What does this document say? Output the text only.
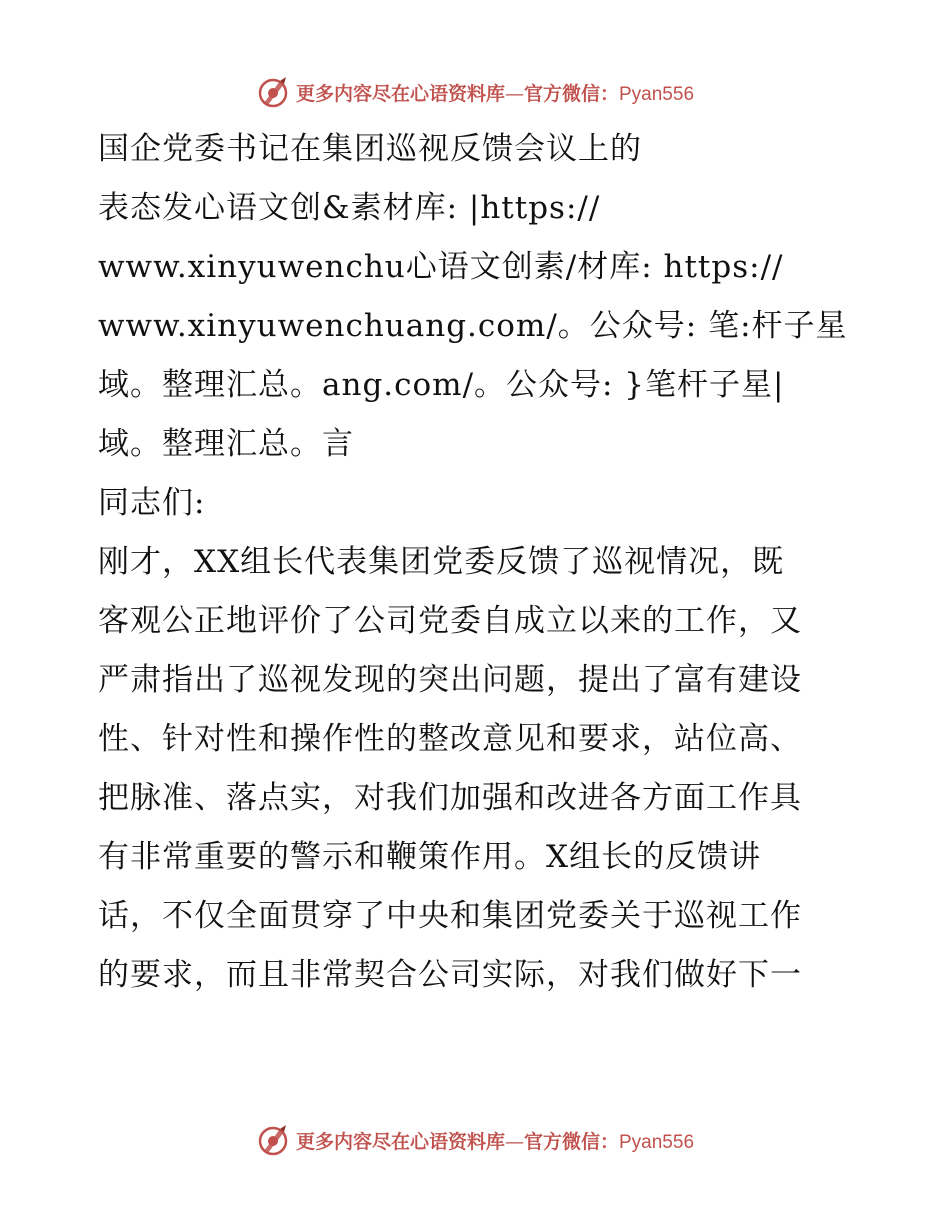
更多内容尽在心语资料库—官方微信：Pyan556
国企党委书记在集团巡视反馈会议上的
表态发心语文创&素材库: |https://
www.xinyuwenchu心语文创素/材库: https://
www.xinyuwenchuang.com/。公众号: 笔:杆子星
域。整理汇总。ang.com/。公众号: }笔杆子星|
域。整理汇总。言
同志们:
刚才，XX组长代表集团党委反馈了巡视情况，既
客观公正地评价了公司党委自成立以来的工作，又
严肃指出了巡视发现的突出问题，提出了富有建设
性、针对性和操作性的整改意见和要求，站位高、
把脉准、落点实，对我们加强和改进各方面工作具
有非常重要的警示和鞭策作用。X组长的反馈讲
话，不仅全面贯穿了中央和集团党委关于巡视工作
的要求，而且非常契合公司实际，对我们做好下一
更多内容尽在心语资料库—官方微信：Pyan556
